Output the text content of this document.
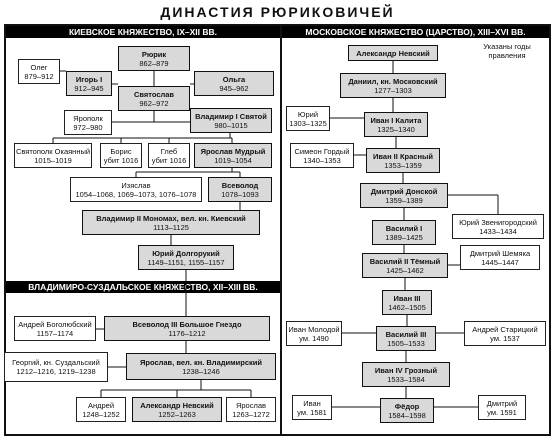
ДИНАСТИЯ РЮРИКОВИЧЕЙ
КИЕВСКОЕ КНЯЖЕСТВО, IX–XII ВВ.	МОСКОВСКОЕ КНЯЖЕСТВО (ЦАРСТВО), XIII–XVI ВВ.
ВЛАДИМИРО-СУЗДАЛЬСКОЕ КНЯЖЕСТВО, XII–XIII ВВ.
Указаны годы правления
Рюрик
862–879
Олег
879–912	Игорь I
912–945
Ольга
945–962
Святослав
962–972
Ярополк
972–980
Владимир I Святой
980–1015
Святополк Окаянный
1015–1019
Борис
убит 1016
Глеб
убит 1016
Ярослав Мудрый
1019–1054
Изяслав
1054–1068, 1069–1073, 1076–1078
Всеволод
1078–1093
Владимир II Мономах, вел. кн. Киевский
1113–1125
Юрий Долгорукий
1149–1151, 1155–1157
Андрей Боголюбский
1157–1174
Всеволод III Большое Гнездо
1176–1212
Георгий, кн. Суздальский
1212–1216, 1219–1238
Ярослав, вел. кн. Владимирский
1238–1246
Андрей
1248–1252
Александр Невский
1252–1263
Ярослав
1263–1272
Александр Невский
Даниил, кн. Московский
1277–1303
Юрий
1303–1325	Иван I Калита
1325–1340
Симеон Гордый
1340–1353	Иван II Красный
1353–1359
Дмитрий Донской
1359–1389
Юрий Звенигородский
1433–1434
Василий I
1389–1425
Дмитрий Шемяка
1445–1447
Василий II Тёмный
1425–1462
Иван III
1462–1505
Иван Молодой
ум. 1490	Василий III
1505–1533
Андрей Старицкий
ум. 1537
Иван IV Грозный
1533–1584
Иван
ум. 1581
Фёдор
1584–1598
Дмитрий
ум. 1591
